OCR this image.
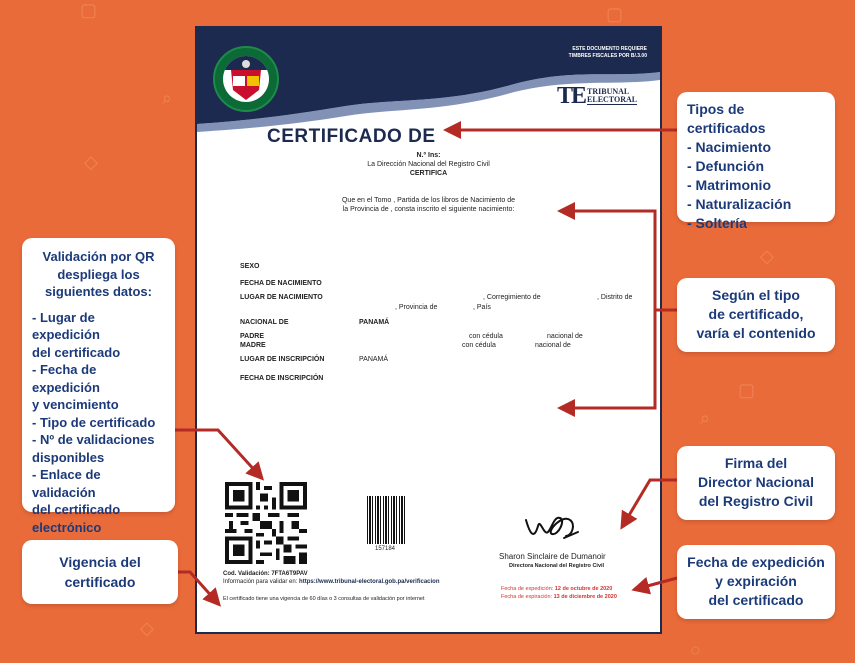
▢
⌕
◇
▢
◇
▢
⌕
○
◇
ESTE DOCUMENTO REQUIERE
TIMBRES FISCALES POR B/.3.00
TE TRIBUNAL
ELECTORAL
CERTIFICADO DE
N.º Ins:
La Dirección Nacional del Registro Civil
CERTIFICA
Que en el Tomo , Partida de los libros de Nacimiento de
la Provincia de , consta inscrito el siguiente nacimiento:
SEXO
FECHA DE NACIMIENTO
LUGAR DE NACIMIENTO	, Corregimiento de	, Distrito de
, Provincia de	, País
NACIONAL DE	PANAMÁ
PADRE	con cédula	nacional de
MADRE	con cédula	nacional de
LUGAR DE INSCRIPCIÓN	PANAMÁ
FECHA DE INSCRIPCIÓN
157184
Cod. Validación: 7FTA6T9PAV
Información para validar en: https://www.tribunal-electoral.gob.pa/verificacion
El certificado tiene una vigencia de 60 días o 3 consultas de validación por internet
Sharon Sinclaire de Dumanoir
Directora Nacional del Registro Civil
Fecha de expedición: 12 de octubre de 2020
Fecha de expiración: 13 de diciembre de 2020
Tipos de certificados
- Nacimiento
- Defunción
- Matrimonio
- Naturalización
- Soltería
Según el tipo
de certificado,
varía el contenido
Validación por QR
despliega los
siguientes datos:
- Lugar de expedición
del certificado
- Fecha de expedición
y vencimiento
- Tipo de certificado
- Nº de validaciones
disponibles
- Enlace de validación
del certificado
electrónico
Vigencia del
certificado
Firma del
Director Nacional
del Registro Civil
Fecha de expedición
y expiración
del certificado
